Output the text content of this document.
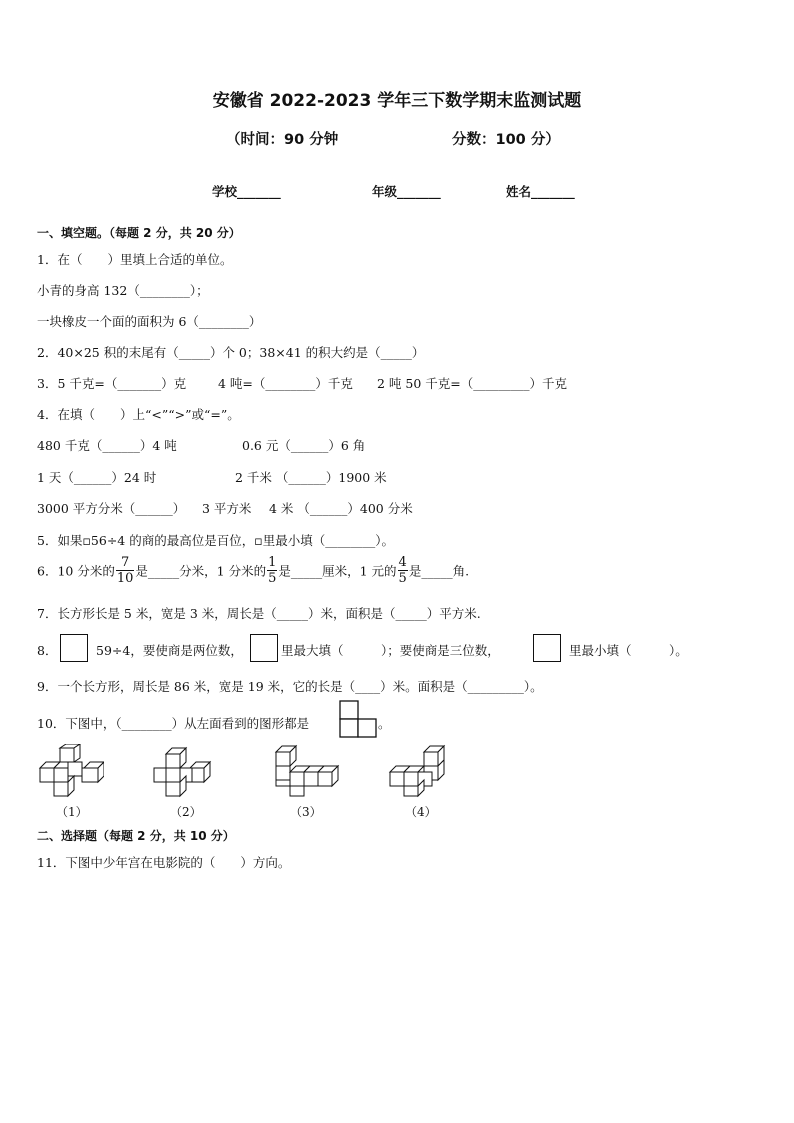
安徽省 2022-2023 学年三下数学期末监测试题
（时间：90 分钟	分数：100 分）
学校_______	年级_______	姓名_______
一、填空题。（每题 2 分，共 20 分）
1．在（　　）里填上合适的单位。
小青的身高 132（________）；
一块橡皮一个面的面积为 6（________）
2．40×25 积的末尾有（_____）个 0；38×41 的积大约是（_____）
3．5 千克=（_______）克	4 吨=（________）千克 2 吨 50 千克=（_________）千克
4．在填（　　）上“<”“>”或“=”。
480 千克（______）4 吨	0.6 元（______）6 角
1 天（______）24 时	2 千米 （______）1900 米
3000 平方分米（______） 3 平方米 4 米 （______）400 分米
5．如果▫56÷4 的商的最高位是百位，▫里最小填（________）。
6．10 分米的 $\frac{7}{10}$ 是_____分米，1 分米的 $\frac{1}{5}$ 是_____厘米，1 元的 $\frac{4}{5}$ 是_____角.
7．长方形长是 5 米，宽是 3 米，周长是（_____）米，面积是（_____）平方米.
8．	59÷4，要使商是两位数，	里最大填（　　　）；要使商是三位数，	里最小填（　　　）。
9．一个长方形，周长是 86 米，宽是 19 米，它的长是（____）米。面积是（_________）。
10．下图中，（________）从左面看到的图形都是	。
（1）	（2）	（3）	（4）
二、选择题（每题 2 分，共 10 分）
11．下图中少年宫在电影院的（　　）方向。
